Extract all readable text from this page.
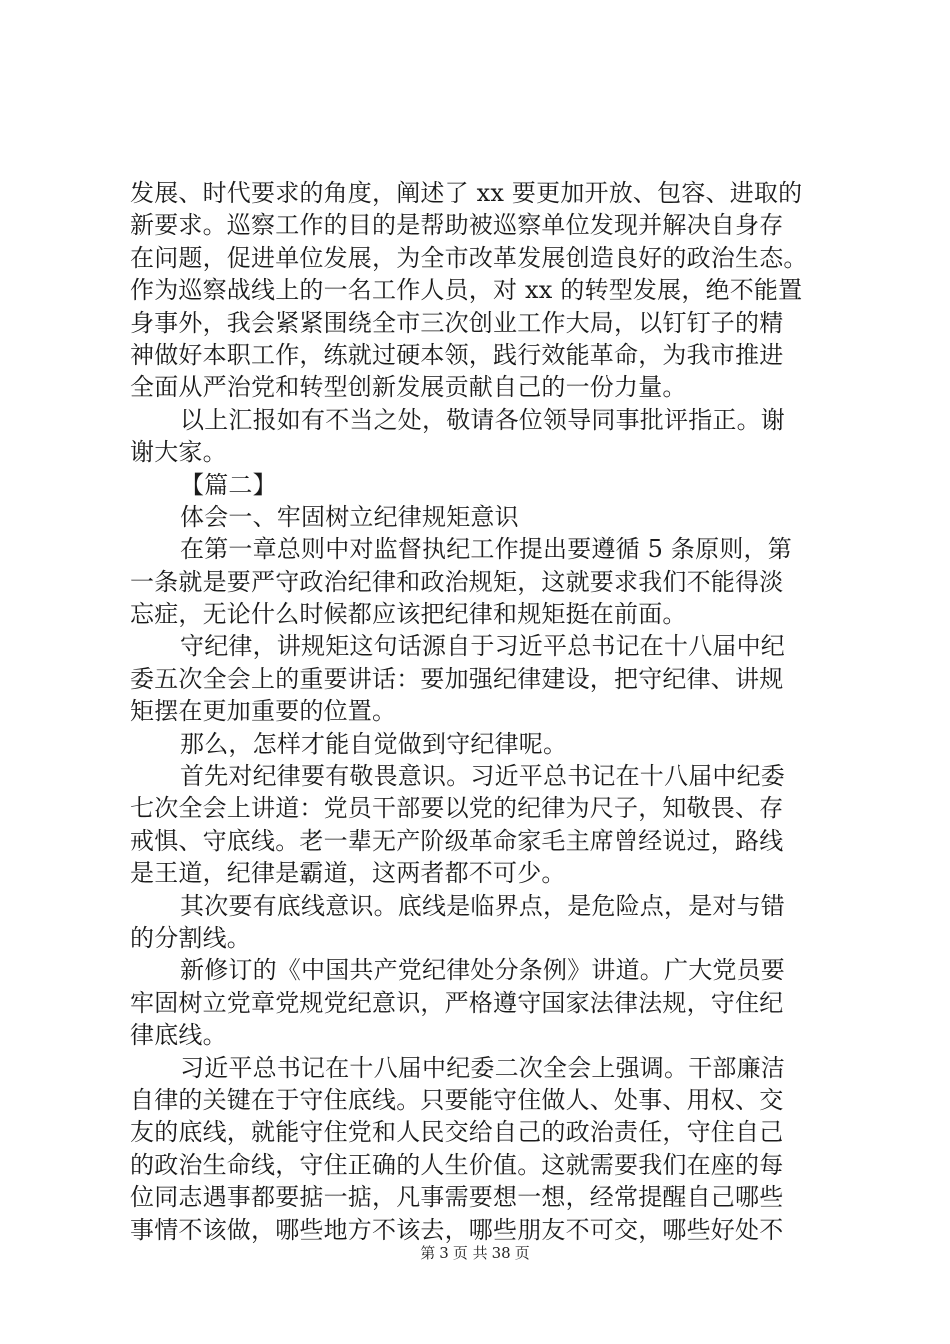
发展、时代要求的角度，阐述了 xx 要更加开放、包容、进取的
新要求。巡察工作的目的是帮助被巡察单位发现并解决自身存
在问题，促进单位发展，为全市改革发展创造良好的政治生态。
作为巡察战线上的一名工作人员，对 xx 的转型发展，绝不能置
身事外，我会紧紧围绕全市三次创业工作大局，以钉钉子的精
神做好本职工作，练就过硬本领，践行效能革命，为我市推进
全面从严治党和转型创新发展贡献自己的一份力量。
以上汇报如有不当之处，敬请各位领导同事批评指正。谢
谢大家。
【篇二】
体会一、牢固树立纪律规矩意识
在第一章总则中对监督执纪工作提出要遵循 5 条原则，第
一条就是要严守政治纪律和政治规矩，这就要求我们不能得淡
忘症，无论什么时候都应该把纪律和规矩挺在前面。
守纪律，讲规矩这句话源自于习近平总书记在十八届中纪
委五次全会上的重要讲话：要加强纪律建设，把守纪律、讲规
矩摆在更加重要的位置。
那么，怎样才能自觉做到守纪律呢。
首先对纪律要有敬畏意识。习近平总书记在十八届中纪委
七次全会上讲道：党员干部要以党的纪律为尺子，知敬畏、存
戒惧、守底线。老一辈无产阶级革命家毛主席曾经说过，路线
是王道，纪律是霸道，这两者都不可少。
其次要有底线意识。底线是临界点，是危险点，是对与错
的分割线。
新修订的《中国共产党纪律处分条例》讲道。广大党员要
牢固树立党章党规党纪意识，严格遵守国家法律法规，守住纪
律底线。
习近平总书记在十八届中纪委二次全会上强调。干部廉洁
自律的关键在于守住底线。只要能守住做人、处事、用权、交
友的底线，就能守住党和人民交给自己的政治责任，守住自己
的政治生命线，守住正确的人生价值。这就需要我们在座的每
位同志遇事都要掂一掂，凡事需要想一想，经常提醒自己哪些
事情不该做，哪些地方不该去，哪些朋友不可交，哪些好处不
第 3 页 共 38 页
